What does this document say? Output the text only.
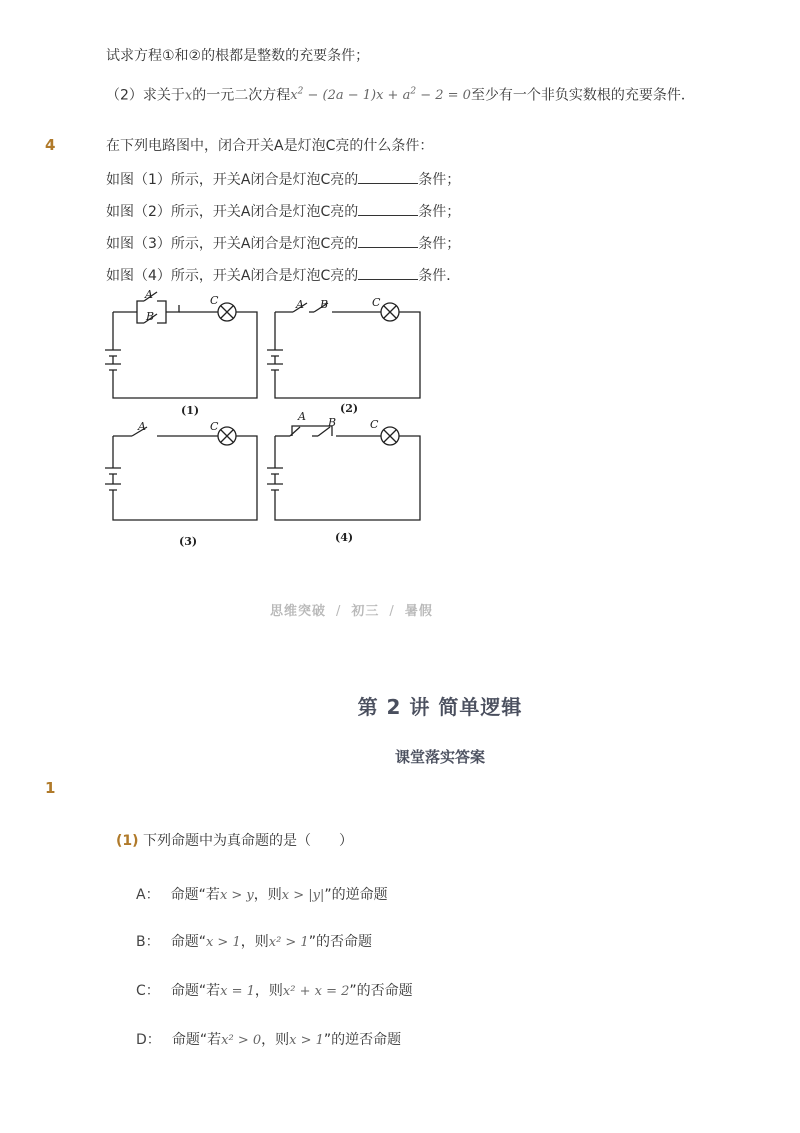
试求方程①和②的根都是整数的充要条件；
（2）求关于x的一元二次方程$x^2 - (2a - 1)x + a^2 - 2 = 0$至少有一个非负实数根的充要条件．
4	在下列电路图中，闭合开关A是灯泡C亮的什么条件：
如图（1）所示，开关A闭合是灯泡C亮的	条件；
如图（2）所示，开关A闭合是灯泡C亮的	条件；
如图（3）所示，开关A闭合是灯泡C亮的	条件；
如图（4）所示，开关A闭合是灯泡C亮的	条件．
A
B
C	A B	C
A	C
A B	C
(1)	(2)
(3)	(4)
思维突破 / 初三 / 暑假
第 2 讲 简单逻辑
课堂落实答案
1
(1) 下列命题中为真命题的是（　　）
A： 命题“若x > y，则x > |y|”的逆命题
B： 命题“x > 1，则x² > 1”的否命题
C： 命题“若x = 1，则x² + x = 2”的否命题
D： 命题“若x² > 0，则x > 1”的逆否命题
